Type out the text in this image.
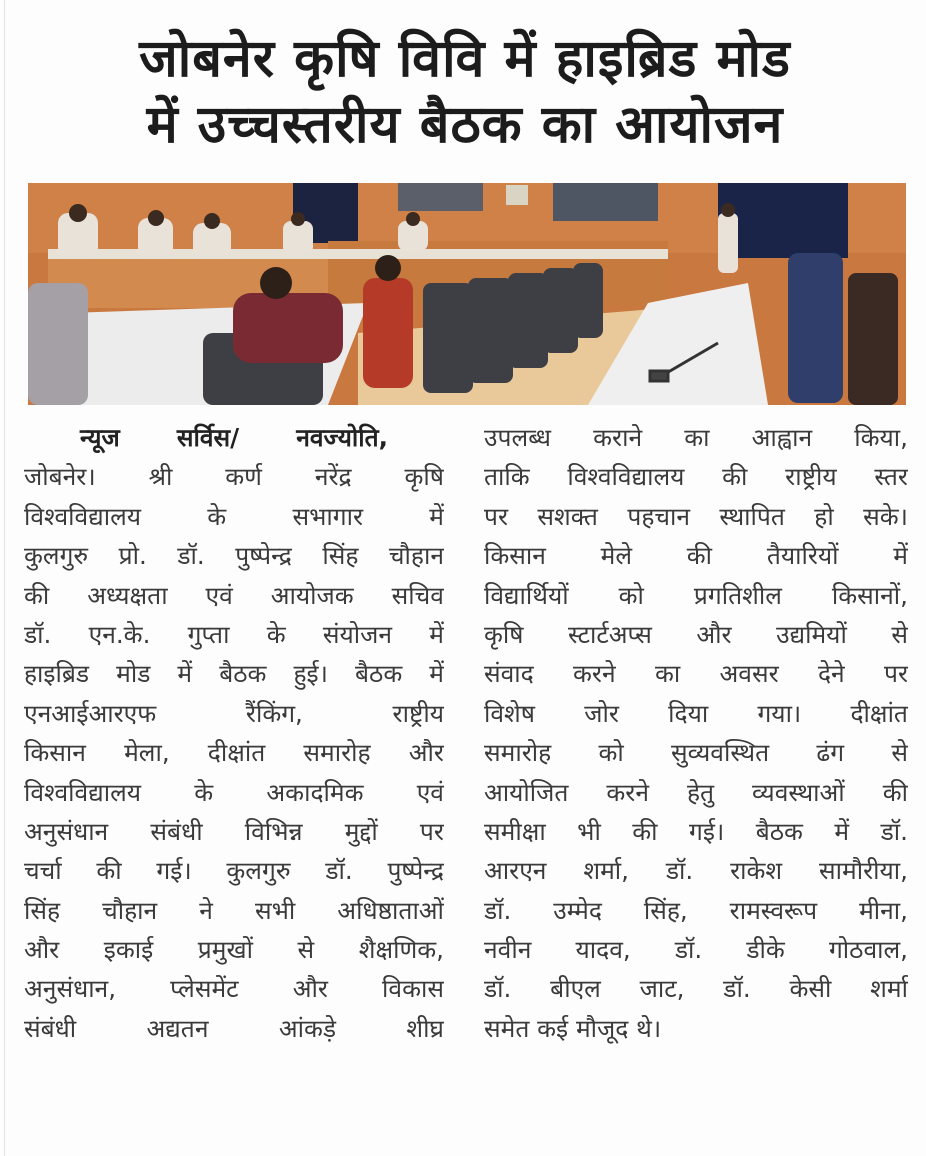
जोबनेर कृषि विवि में हाइब्रिड मोड
में उच्चस्तरीय बैठक का आयोजन
न्यूज सर्विस/ नवज्योति,
जोबनेर। श्री कर्ण नरेंद्र कृषि
विश्वविद्यालय	के	सभागार	में
कुलगुरु प्रो. डॉ. पुष्पेन्द्र सिंह चौहान
की अध्यक्षता एवं आयोजक सचिव
डॉ. एन.के. गुप्ता के संयोजन में
हाइब्रिड मोड में बैठक हुई। बैठक में
एनआईआरएफ	रैंकिंग,	राष्ट्रीय
किसान मेला, दीक्षांत समारोह और
विश्वविद्यालय के अकादमिक एवं
अनुसंधान संबंधी विभिन्न मुद्दों पर
चर्चा की गई। कुलगुरु डॉ. पुष्पेन्द्र
सिंह चौहान ने सभी अधिष्ठाताओं
और इकाई प्रमुखों से शैक्षणिक,
अनुसंधान, प्लेसमेंट और विकास
संबंधी	अद्यतन	आंकड़े	शीघ्र
उपलब्ध कराने का आह्वान किया,
ताकि विश्वविद्यालय की राष्ट्रीय स्तर
पर सशक्त पहचान स्थापित हो सके।
किसान मेले की तैयारियों में
विद्यार्थियों को प्रगतिशील किसानों,
कृषि स्टार्टअप्स और उद्यमियों से
संवाद करने का अवसर देने पर
विशेष जोर दिया गया। दीक्षांत
समारोह को सुव्यवस्थित ढंग से
आयोजित करने हेतु व्यवस्थाओं की
समीक्षा भी की गई। बैठक में डॉ.
आरएन शर्मा, डॉ. राकेश सामौरीया,
डॉ. उम्मेद सिंह, रामस्वरूप मीना,
नवीन यादव, डॉ. डीके गोठवाल,
डॉ. बीएल जाट, डॉ. केसी शर्मा
समेत कई मौजूद थे।
